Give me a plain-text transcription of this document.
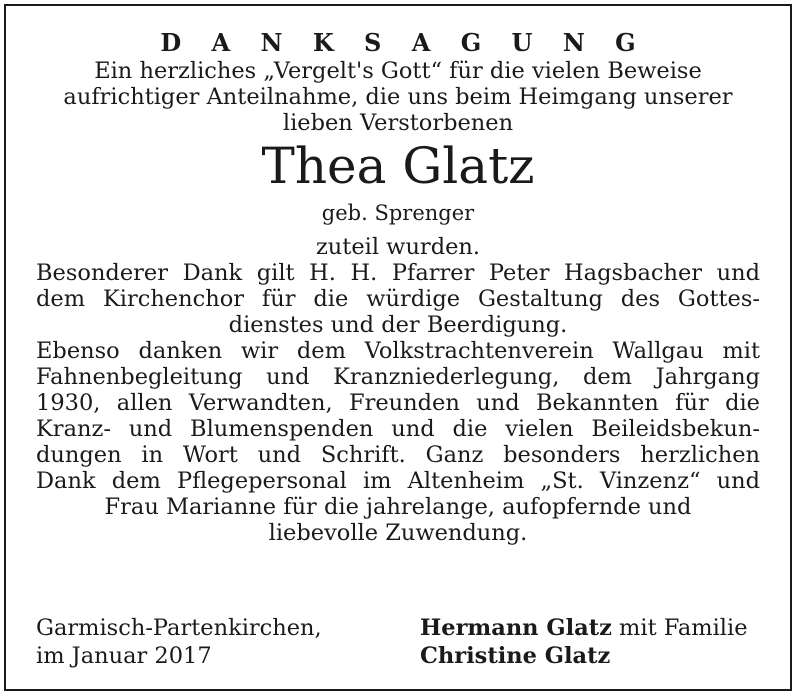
D A N K S A G U N G

Ein herzliches „Vergelt's Gott“ für die vielen Beweise

aufrichtiger Anteilnahme, die uns beim Heimgang unserer

lieben Verstorbenen

Thea Glatz

geb. Sprenger

zuteil wurden.

Besonderer Dank gilt H. H. Pfarrer Peter Hagsbacher und

dem Kirchenchor für die würdige Gestaltung des Gottes-

dienstes und der Beerdigung.

Ebenso danken wir dem Volkstrachtenverein Wallgau mit

Fahnenbegleitung und Kranzniederlegung, dem Jahrgang

1930, allen Verwandten, Freunden und Bekannten für die

Kranz- und Blumenspenden und die vielen Beileidsbekun-

dungen in Wort und Schrift. Ganz besonders herzlichen

Dank dem Pflegepersonal im Altenheim „St. Vinzenz“ und

Frau Marianne für die jahrelange, aufopfernde und

liebevolle Zuwendung.

Garmisch-Partenkirchen,

im Januar 2017

Hermann Glatz mit Familie

Christine Glatz
